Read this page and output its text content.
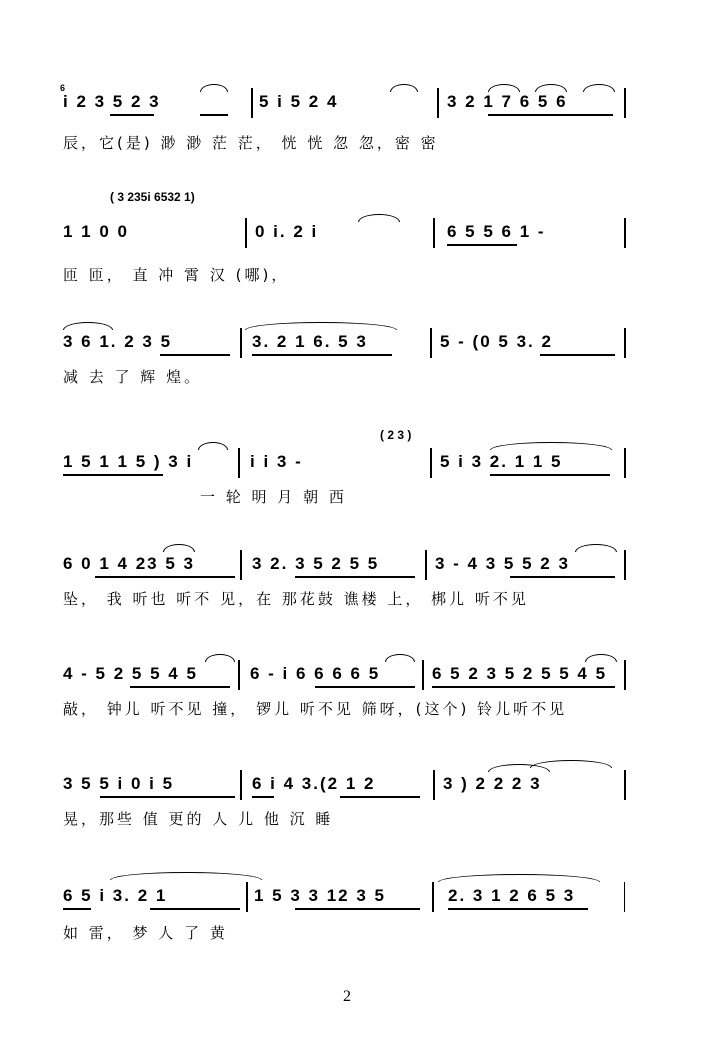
6
i 2 3 5 2 3	5 i 5 2 4	3 2 1 7 6 5 6
辰，它(是) 渺 渺 茫 茫， 恍 恍 忽 忽，密 密
( 3 235i 6532 1)
1 1 0 0	0 i. 2 i	6 5 5 6 1 -
匝 匝， 直 冲 霄 汉 (哪)，
3 6 1. 2 3 5	3. 2 1 6. 5 3	5 - (0 5 3. 2
减 去 了 辉 煌。
( 2 3 )
1 5 1 1 5 ) 3 i	i i 3 -	5 i 3 2. 1 1 5
一 轮 明 月 朝 西
6 0 1 4 23 5 3	3 2. 3 5 2 5 5	3 - 4 3 5 5 2 3
坠， 我 听也 听不 见，在 那花鼓 谯楼 上， 梆儿 听不见
4 - 5 2 5 5 4 5	6 - i 6 6 6 6 5	6 5 2 3 5 2 5 5 4 5
敲， 钟儿 听不见 撞， 锣儿 听不见 筛呀，(这个) 铃儿听不见
3 5 5 i 0 i 5	6 i 4 3.(2 1 2	3 ) 2 2 2 3
晃，那些 值 更的 人 儿 他 沉 睡
6 5 i 3. 2 1	1 5 3 3 12 3 5	2. 3 1 2 6 5 3
如 雷， 梦 人 了 黄
2
